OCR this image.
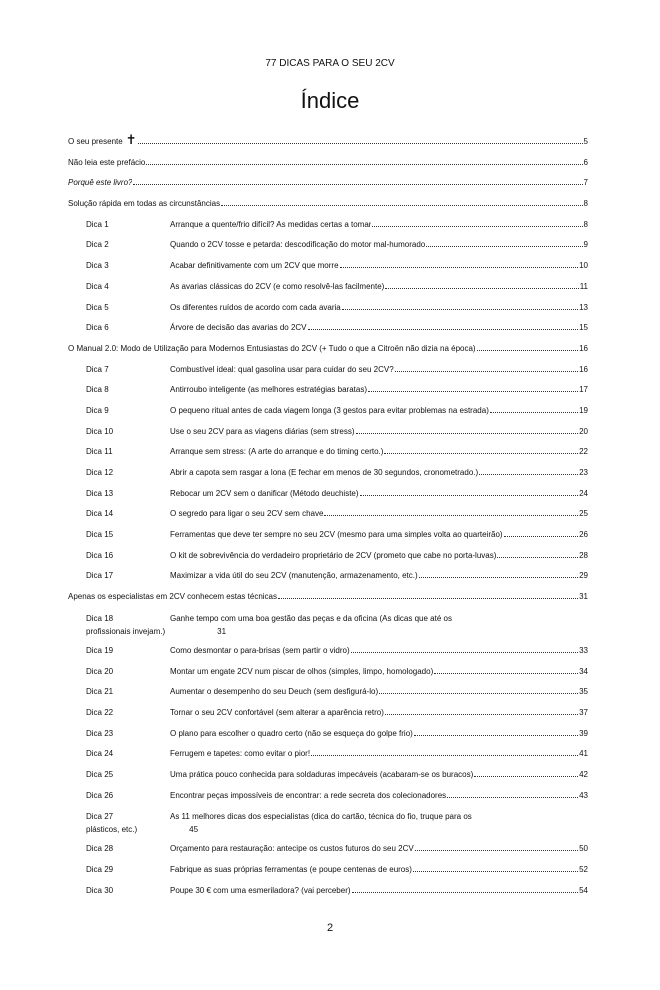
77 DICAS PARA O SEU 2CV
Índice
O seu presente ✝	5
Não leia este prefácio	6
Porquê este livro?	7
Solução rápida em todas as circunstâncias	8
Dica 1	Arranque a quente/frio difícil? As medidas certas a tomar	8
Dica 2	Quando o 2CV tosse e petarda: descodificação do motor mal-humorado	9
Dica 3	Acabar definitivamente com um 2CV que morre	10
Dica 4	As avarias clássicas do 2CV (e como resolvê-las facilmente)	11
Dica 5	Os diferentes ruídos de acordo com cada avaria	13
Dica 6	Árvore de decisão das avarias do 2CV	15
O Manual 2.0: Modo de Utilização para Modernos Entusiastas do 2CV (+ Tudo o que a Citroën não dizia na época)	16
Dica 7	Combustível ideal: qual gasolina usar para cuidar do seu 2CV?	16
Dica 8	Antirroubo inteligente (as melhores estratégias baratas)	17
Dica 9	O pequeno ritual antes de cada viagem longa (3 gestos para evitar problemas na estrada)	19
Dica 10	Use o seu 2CV para as viagens diárias (sem stress)	20
Dica 11	Arranque sem stress: (A arte do arranque e do timing certo.)	22
Dica 12	Abrir a capota sem rasgar a lona (E fechar em menos de 30 segundos, cronometrado.)	23
Dica 13	Rebocar um 2CV sem o danificar (Método deuchiste)	24
Dica 14	O segredo para ligar o seu 2CV sem chave	25
Dica 15	Ferramentas que deve ter sempre no seu 2CV (mesmo para uma simples volta ao quarteirão)	26
Dica 16	O kit de sobrevivência do verdadeiro proprietário de 2CV (prometo que cabe no porta-luvas)	28
Dica 17	Maximizar a vida útil do seu 2CV (manutenção, armazenamento, etc.)	29
Apenas os especialistas em 2CV conhecem estas técnicas	31
Dica 18	Ganhe tempo com uma boa gestão das peças e da oficina (As dicas que até os
profissionais invejam.)	31
Dica 19	Como desmontar o para-brisas (sem partir o vidro)	33
Dica 20	Montar um engate 2CV num piscar de olhos (simples, limpo, homologado)	34
Dica 21	Aumentar o desempenho do seu Deuch (sem desfigurá-lo)	35
Dica 22	Tornar o seu 2CV confortável (sem alterar a aparência retro)	37
Dica 23	O plano para escolher o quadro certo (não se esqueça do golpe frio)	39
Dica 24	Ferrugem e tapetes: como evitar o pior!	41
Dica 25	Uma prática pouco conhecida para soldaduras impecáveis (acabaram-se os buracos)	42
Dica 26	Encontrar peças impossíveis de encontrar: a rede secreta dos colecionadores	43
Dica 27	As 11 melhores dicas dos especialistas (dica do cartão, técnica do fio, truque para os
plásticos, etc.)	45
Dica 28	Orçamento para restauração: antecipe os custos futuros do seu 2CV	50
Dica 29	Fabrique as suas próprias ferramentas (e poupe centenas de euros)	52
Dica 30	Poupe 30 € com uma esmeriladora? (vai perceber)	54
2
